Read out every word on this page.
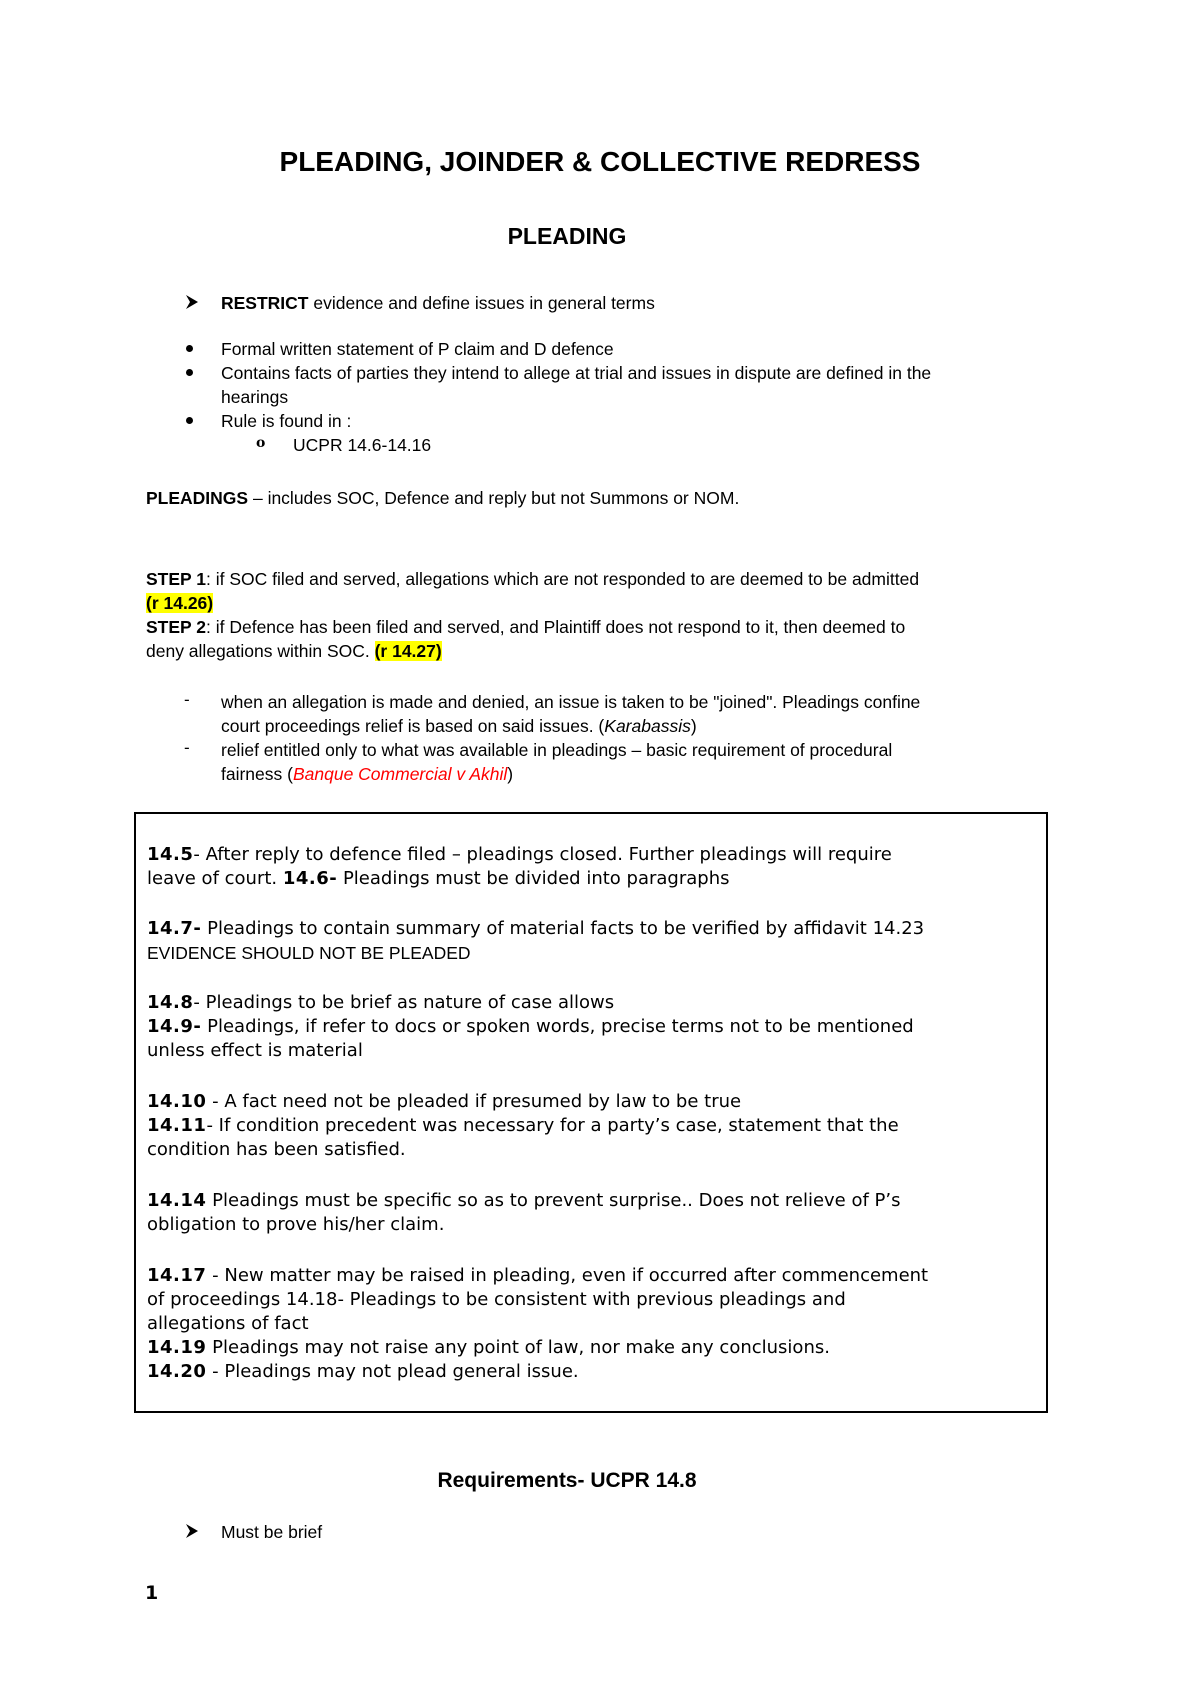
PLEADING, JOINDER & COLLECTIVE REDRESS
PLEADING
RESTRICT evidence and define issues in general terms
Formal written statement of P claim and D defence
Contains facts of parties they intend to allege at trial and issues in dispute are defined in the
hearings
Rule is found in :
o UCPR 14.6-14.16
PLEADINGS – includes SOC, Defence and reply but not Summons or NOM.
STEP 1: if SOC filed and served, allegations which are not responded to are deemed to be admitted
(r 14.26)
STEP 2: if Defence has been filed and served, and Plaintiff does not respond to it, then deemed to
deny allegations within SOC. (r 14.27)
- when an allegation is made and denied, an issue is taken to be "joined". Pleadings confine
court proceedings relief is based on said issues. (Karabassis)
- relief entitled only to what was available in pleadings – basic requirement of procedural
fairness (Banque Commercial v Akhil)
14.5- After reply to defence filed – pleadings closed. Further pleadings will require
leave of court. 14.6- Pleadings must be divided into paragraphs
14.7- Pleadings to contain summary of material facts to be verified by affidavit 14.23
EVIDENCE SHOULD NOT BE PLEADED
14.8- Pleadings to be brief as nature of case allows
14.9- Pleadings, if refer to docs or spoken words, precise terms not to be mentioned
unless effect is material
14.10 - A fact need not be pleaded if presumed by law to be true
14.11- If condition precedent was necessary for a party’s case, statement that the
condition has been satisfied.
14.14 Pleadings must be specific so as to prevent surprise.. Does not relieve of P’s
obligation to prove his/her claim.
14.17 - New matter may be raised in pleading, even if occurred after commencement
of proceedings 14.18- Pleadings to be consistent with previous pleadings and
allegations of fact
14.19 Pleadings may not raise any point of law, nor make any conclusions.
14.20 - Pleadings may not plead general issue.
Requirements- UCPR 14.8
Must be brief
1
